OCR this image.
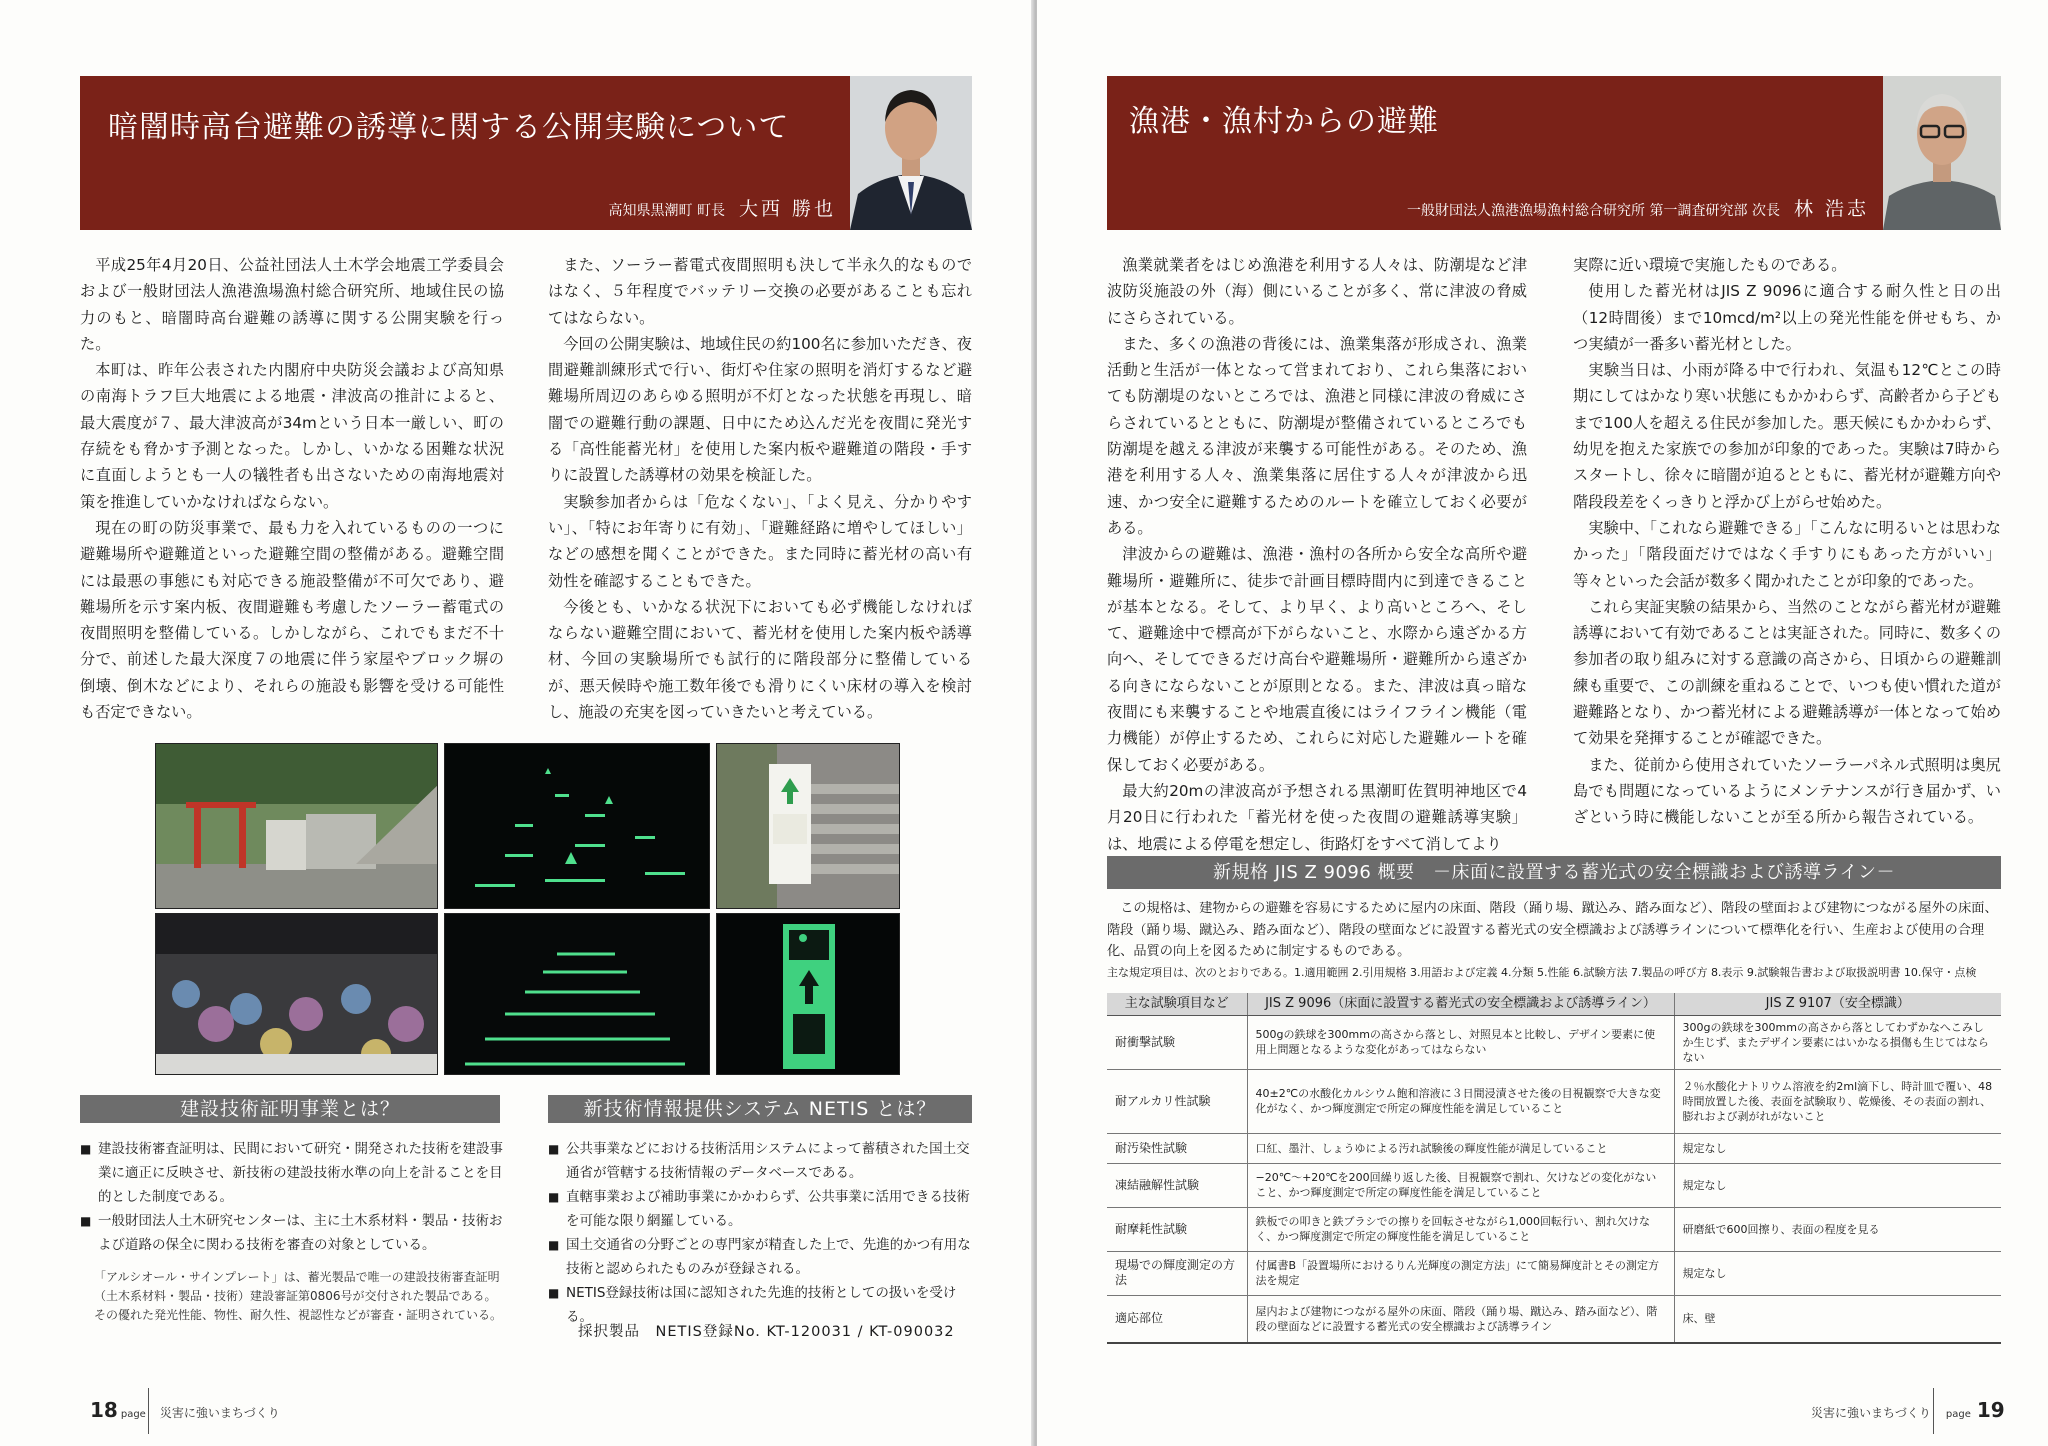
暗闇時高台避難の誘導に関する公開実験について
高知県黒潮町 町長 大西 勝也

平成25年4月20日、公益社団法人土木学会地震工学委員会および一般財団法人漁港漁場漁村総合研究所、地域住民の協力のもと、暗闇時高台避難の誘導に関する公開実験を行った。

本町は、昨年公表された内閣府中央防災会議および高知県の南海トラフ巨大地震による地震・津波高の推計によると、最大震度が７、最大津波高が34mという日本一厳しい、町の存続をも脅かす予測となった。しかし、いかなる困難な状況に直面しようとも一人の犠牲者も出さないための南海地震対策を推進していかなければならない。

現在の町の防災事業で、最も力を入れているものの一つに避難場所や避難道といった避難空間の整備がある。避難空間には最悪の事態にも対応できる施設整備が不可欠であり、避難場所を示す案内板、夜間避難も考慮したソーラー蓄電式の夜間照明を整備している。しかしながら、これでもまだ不十分で、前述した最大深度７の地震に伴う家屋やブロック塀の倒壊、倒木などにより、それらの施設も影響を受ける可能性も否定できない。

また、ソーラー蓄電式夜間照明も決して半永久的なものではなく、５年程度でバッテリー交換の必要があることも忘れてはならない。

今回の公開実験は、地域住民の約100名に参加いただき、夜間避難訓練形式で行い、街灯や住家の照明を消灯するなど避難場所周辺のあらゆる照明が不灯となった状態を再現し、暗闇での避難行動の課題、日中にため込んだ光を夜間に発光する「高性能蓄光材」を使用した案内板や避難道の階段・手すりに設置した誘導材の効果を検証した。

実験参加者からは「危なくない」、「よく見え、分かりやすい」、「特にお年寄りに有効」、「避難経路に増やしてほしい」などの感想を聞くことができた。また同時に蓄光材の高い有効性を確認することもできた。

今後とも、いかなる状況下においても必ず機能しなければならない避難空間において、蓄光材を使用した案内板や誘導材、今回の実験場所でも試行的に階段部分に整備しているが、悪天候時や施工数年後でも滑りにくい床材の導入を検討し、施設の充実を図っていきたいと考えている。

建設技術証明事業とは？
■ 建設技術審査証明は、民間において研究・開発された技術を建設事業に適正に反映させ、新技術の建設技術水準の向上を計ることを目的とした制度である。
■ 一般財団法人土木研究センターは、主に土木系材料・製品・技術および道路の保全に関わる技術を審査の対象としている。
「アルシオール・サインプレート」は、蓄光製品で唯一の建設技術審査証明（土木系材料・製品・技術）建設審証第0806号が交付された製品である。その優れた発光性能、物性、耐久性、視認性などが審査・証明されている。
新技術情報提供システム NETIS とは？
■ 公共事業などにおける技術活用システムによって蓄積された国土交通省が管轄する技術情報のデータベースである。
■ 直轄事業および補助事業にかかわらず、公共事業に活用できる技術を可能な限り網羅している。
■ 国土交通省の分野ごとの専門家が精査した上で、先進的かつ有用な技術と認められたものみが登録される。
■ NETIS登録技術は国に認知された先進的技術としての扱いを受ける。
採択製品　NETIS登録No. KT-120031 / KT-090032
18 page 災害に強いまちづくり
漁港・漁村からの避難
一般財団法人漁港漁場漁村総合研究所 第一調査研究部 次長 林 浩志

漁業就業者をはじめ漁港を利用する人々は、防潮堤など津波防災施設の外（海）側にいることが多く、常に津波の脅威にさらされている。

また、多くの漁港の背後には、漁業集落が形成され、漁業活動と生活が一体となって営まれており、これら集落においても防潮堤のないところでは、漁港と同様に津波の脅威にさらされているとともに、防潮堤が整備されているところでも防潮堤を越える津波が来襲する可能性がある。そのため、漁港を利用する人々、漁業集落に居住する人々が津波から迅速、かつ安全に避難するためのルートを確立しておく必要がある。

津波からの避難は、漁港・漁村の各所から安全な高所や避難場所・避難所に、徒歩で計画目標時間内に到達できることが基本となる。そして、より早く、より高いところへ、そして、避難途中で標高が下がらないこと、水際から遠ざかる方向へ、そしてできるだけ高台や避難場所・避難所から遠ざかる向きにならないことが原則となる。また、津波は真っ暗な夜間にも来襲することや地震直後にはライフライン機能（電力機能）が停止するため、これらに対応した避難ルートを確保しておく必要がある。

最大約20mの津波高が予想される黒潮町佐賀明神地区で4月20日に行われた「蓄光材を使った夜間の避難誘導実験」は、地震による停電を想定し、街路灯をすべて消してより

実際に近い環境で実施したものである。

使用した蓄光材はJIS Z 9096に適合する耐久性と日の出（12時間後）まで10mcd/m²以上の発光性能を併せもち、かつ実績が一番多い蓄光材とした。

実験当日は、小雨が降る中で行われ、気温も12℃とこの時期にしてはかなり寒い状態にもかかわらず、高齢者から子どもまで100人を超える住民が参加した。悪天候にもかかわらず、幼児を抱えた家族での参加が印象的であった。実験は7時からスタートし、徐々に暗闇が迫るとともに、蓄光材が避難方向や階段段差をくっきりと浮かび上がらせ始めた。

実験中、「これなら避難できる」「こんなに明るいとは思わなかった」「階段面だけではなく手すりにもあった方がいい」等々といった会話が数多く聞かれたことが印象的であった。

これら実証実験の結果から、当然のことながら蓄光材が避難誘導において有効であることは実証された。同時に、数多くの参加者の取り組みに対する意識の高さから、日頃からの避難訓練も重要で、この訓練を重ねることで、いつも使い慣れた道が避難路となり、かつ蓄光材による避難誘導が一体となって始めて効果を発揮することが確認できた。

また、従前から使用されていたソーラーパネル式照明は奥尻島でも問題になっているようにメンテナンスが行き届かず、いざという時に機能しないことが至る所から報告されている。

災害に強いまちづくり page 19
新規格 JIS Z 9096 概要　－床面に設置する蓄光式の安全標識および誘導ライン－

この規格は、建物からの避難を容易にするために屋内の床面、階段（踊り場、蹴込み、踏み面など）、階段の壁面および建物につながる屋外の床面、階段（踊り場、蹴込み、踏み面など）、階段の壁面などに設置する蓄光式の安全標識および誘導ラインについて標準化を行い、生産および使用の合理化、品質の向上を図るために制定するものである。

主な規定項目は、次のとおりである。1.適用範囲 2.引用規格 3.用語および定義 4.分類 5.性能 6.試験方法 7.製品の呼び方 8.表示 9.試験報告書および取扱説明書 10.保守・点検
主な試験項目など	JIS Z 9096（床面に設置する蓄光式の安全標識および誘導ライン）	JIS Z 9107（安全標識）
耐衝撃試験	500gの鉄球を300mmの高さから落とし、対照見本と比較し、デザイン要素に使用上問題となるような変化があってはならない	300gの鉄球を300mmの高さから落としてわずかなへこみしか生じず、またデザイン要素にはいかなる損傷も生じてはならない
耐アルカリ性試験	40±2℃の水酸化カルシウム飽和溶液に３日間浸漬させた後の目視観察で大きな変化がなく、かつ輝度測定で所定の輝度性能を満足していること	２％水酸化ナトリウム溶液を約2ml滴下し、時計皿で覆い、48時間放置した後、表面を試験取り、乾燥後、その表面の割れ、膨れおよび剥がれがないこと
耐汚染性試験	口紅、墨汁、しょうゆによる汚れ試験後の輝度性能が満足していること	規定なし
凍結融解性試験	−20℃～+20℃を200回繰り返した後、目視観察で割れ、欠けなどの変化がないこと、かつ輝度測定で所定の輝度性能を満足していること	規定なし
耐摩耗性試験	鉄板での叩きと鉄ブラシでの擦りを回転させながら1,000回転行い、割れ欠けなく、かつ輝度測定で所定の輝度性能を満足していること	研磨紙で600回擦り、表面の程度を見る
現場での輝度測定の方法	付属書B「設置場所におけるりん光輝度の測定方法」にて簡易輝度計とその測定方法を規定	規定なし
適応部位	屋内および建物につながる屋外の床面、階段（踊り場、蹴込み、踏み面など）、階段の壁面などに設置する蓄光式の安全標識および誘導ライン	床、壁
